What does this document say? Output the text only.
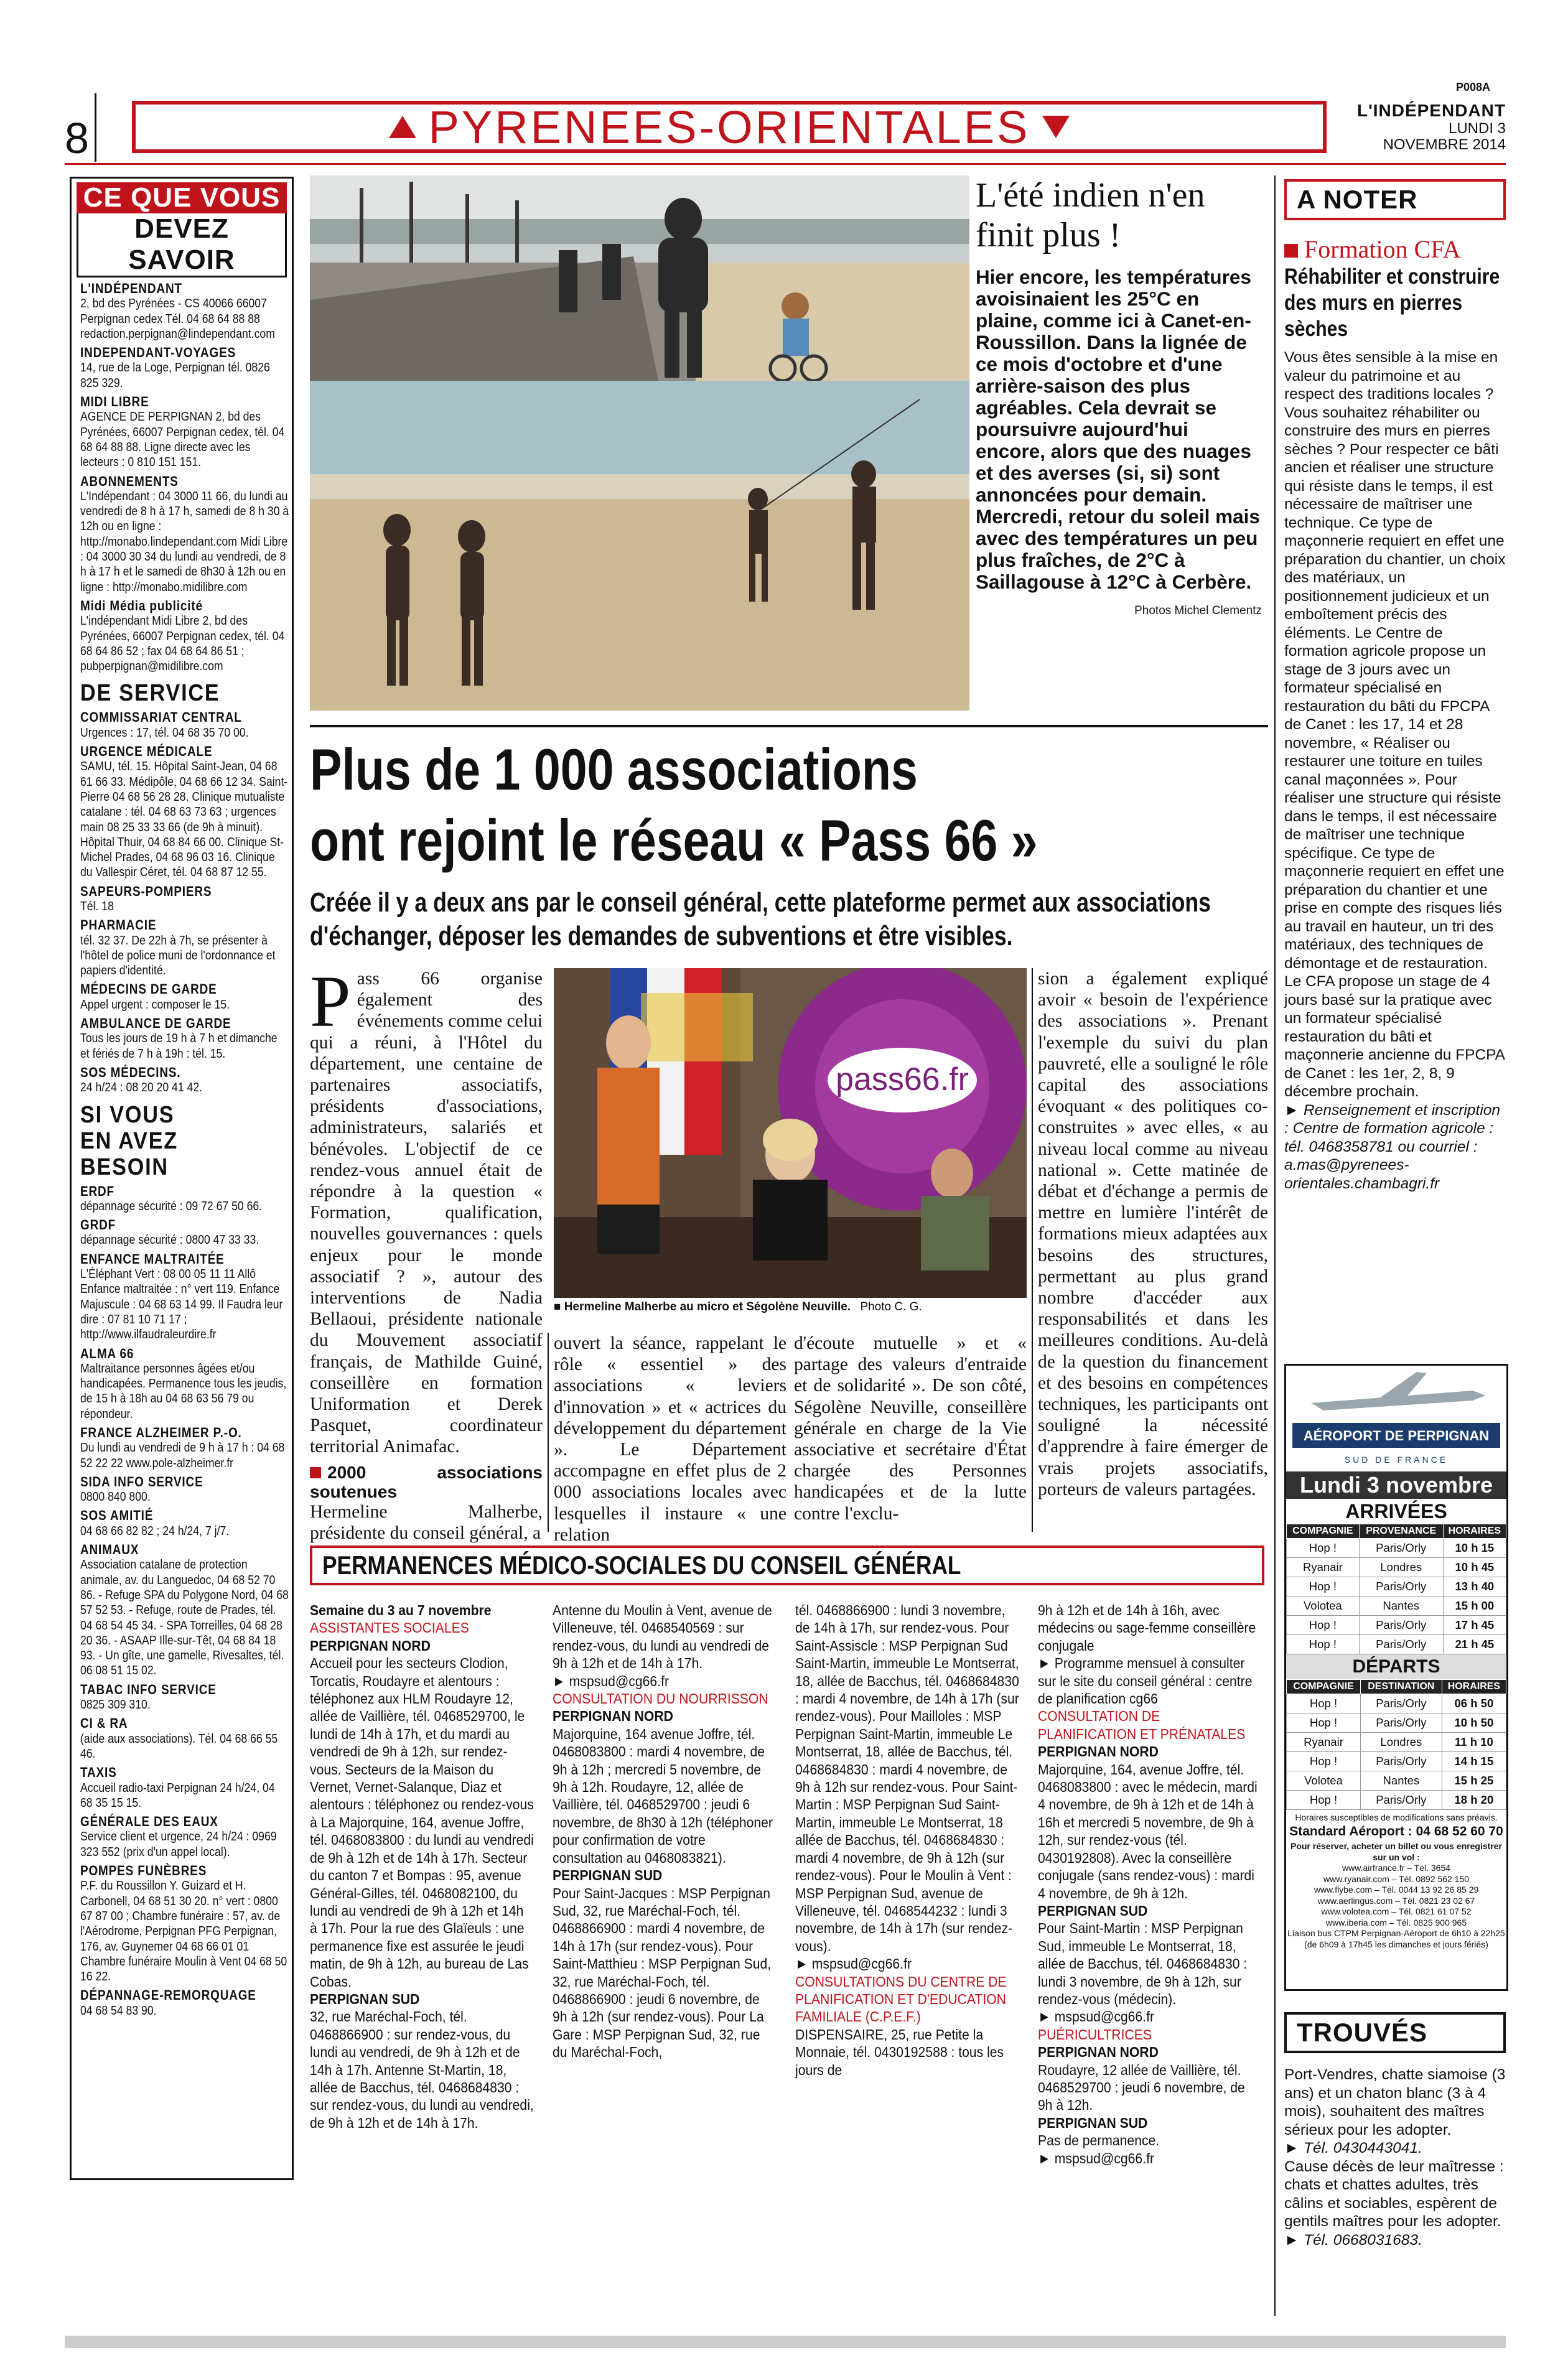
P008A
8	PYRENEES-ORIENTALES	L'INDÉPENDANT
LUNDI 3
NOVEMBRE 2014
CE QUE VOUS
DEVEZ SAVOIR
L'INDÉPENDANT
2, bd des Pyrénées - CS 40066 66007 Perpignan cedex Tél. 04 68 64 88 88 redaction.perpignan@lindependant.com
INDEPENDANT-VOYAGES
14, rue de la Loge, Perpignan tél. 0826 825 329.
MIDI LIBRE
AGENCE DE PERPIGNAN 2, bd des Pyrénées, 66007 Perpignan cedex, tél. 04 68 64 88 88. Ligne directe avec les lecteurs : 0 810 151 151.
ABONNEMENTS
L'Indépendant : 04 3000 11 66, du lundi au vendredi de 8 h à 17 h, samedi de 8 h 30 à 12h ou en ligne : http://monabo.lindependant.com Midi Libre : 04 3000 30 34 du lundi au vendredi, de 8 h à 17 h et le samedi de 8h30 à 12h ou en ligne : http://monabo.midilibre.com
Midi Média publicité
L'indépendant Midi Libre 2, bd des Pyrénées, 66007 Perpignan cedex, tél. 04 68 64 86 52 ; fax 04 68 64 86 51 ; pubperpignan@midilibre.com
DE SERVICE
COMMISSARIAT CENTRAL
Urgences : 17, tél. 04 68 35 70 00.
URGENCE MÉDICALE
SAMU, tél. 15. Hôpital Saint-Jean, 04 68 61 66 33. Médipôle, 04 68 66 12 34. Saint-Pierre 04 68 56 28 28. Clinique mutualiste catalane : tél. 04 68 63 73 63 ; urgences main 08 25 33 33 66 (de 9h à minuit). Hôpital Thuir, 04 68 84 66 00. Clinique St-Michel Prades, 04 68 96 03 16. Clinique du Vallespir Céret, tél. 04 68 87 12 55.
SAPEURS-POMPIERS
Tél. 18
PHARMACIE
tél. 32 37. De 22h à 7h, se présenter à l'hôtel de police muni de l'ordonnance et papiers d'identité.
MÉDECINS DE GARDE
Appel urgent : composer le 15.
AMBULANCE DE GARDE
Tous les jours de 19 h à 7 h et dimanche et fériés de 7 h à 19h : tél. 15.
SOS MÉDECINS.
24 h/24 : 08 20 20 41 42.
SI VOUS
EN AVEZ BESOIN
ERDF
dépannage sécurité : 09 72 67 50 66.
GRDF
dépannage sécurité : 0800 47 33 33.
ENFANCE MALTRAITÉE
L'Éléphant Vert : 08 00 05 11 11 Allô Enfance maltraitée : n° vert 119. Enfance Majuscule : 04 68 63 14 99. Il Faudra leur dire : 07 81 10 71 17 ; http://www.ilfaudraleurdire.fr
ALMA 66
Maltraitance personnes âgées et/ou handicapées. Permanence tous les jeudis, de 15 h à 18h au 04 68 63 56 79 ou répondeur.
FRANCE ALZHEIMER P.-O.
Du lundi au vendredi de 9 h à 17 h : 04 68 52 22 22 www.pole-alzheimer.fr
SIDA INFO SERVICE
0800 840 800.
SOS AMITIÉ
04 68 66 82 82 ; 24 h/24, 7 j/7.
ANIMAUX
Association catalane de protection animale, av. du Languedoc, 04 68 52 70 86. - Refuge SPA du Polygone Nord, 04 68 57 52 53. - Refuge, route de Prades, tél. 04 68 54 45 34. - SPA Torreilles, 04 68 28 20 36. - ASAAP Ille-sur-Têt, 04 68 84 18 93. - Un gîte, une gamelle, Rivesaltes, tél. 06 08 51 15 02.
TABAC INFO SERVICE
0825 309 310.
CI & RA
(aide aux associations). Tél. 04 68 66 55 46.
TAXIS
Accueil radio-taxi Perpignan 24 h/24, 04 68 35 15 15.
GÉNÉRALE DES EAUX
Service client et urgence, 24 h/24 : 0969 323 552 (prix d'un appel local).
POMPES FUNÈBRES
P.F. du Roussillon Y. Guizard et H. Carbonell, 04 68 51 30 20. n° vert : 0800 67 87 00 ; Chambre funéraire : 57, av. de l'Aérodrome, Perpignan PFG Perpignan, 176, av. Guynemer 04 68 66 01 01 Chambre funéraire Moulin à Vent 04 68 50 16 22.
DÉPANNAGE-REMORQUAGE
04 68 54 83 90.
L'été indien n'en finit plus !
Hier encore, les températures avoisinaient les 25°C en plaine, comme ici à Canet-en-Roussillon. Dans la lignée de ce mois d'octobre et d'une arrière-saison des plus agréables. Cela devrait se poursuivre aujourd'hui encore, alors que des nuages et des averses (si, si) sont annoncées pour demain. Mercredi, retour du soleil mais avec des températures un peu plus fraîches, de 2°C à Saillagouse à 12°C à Cerbère.
Photos Michel Clementz
Plus de 1 000 associations
ont rejoint le réseau « Pass 66 »
Créée il y a deux ans par le conseil général, cette plateforme permet aux associations d'échanger, déposer les demandes de subventions et être visibles.
Pass 66 organise également des événements comme celui qui a réuni, à l'Hôtel du département, une centaine de partenaires associatifs, présidents d'associations, administrateurs, salariés et bénévoles. L'objectif de ce rendez-vous annuel était de répondre à la question « Formation, qualification, nouvelles gouvernances : quels enjeux pour le monde associatif ? », autour des interventions de Nadia Bellaoui, présidente nationale du Mouvement associatif français, de Mathilde Guiné, conseillère en formation Uniformation et Derek Pasquet, coordinateur territorial Animafac.
2000 associations soutenues
Hermeline Malherbe, présidente du conseil général, a
pass66.fr
■ Hermeline Malherbe au micro et Ségolène Neuville. Photo C. G.
ouvert la séance, rappelant le rôle « essentiel » des associations « leviers d'innovation » et « actrices du développement du département ». Le Département accompagne en effet plus de 2 000 associations locales avec lesquelles il instaure « une relation
d'écoute mutuelle » et « partage des valeurs d'entraide et de solidarité ». De son côté, Ségolène Neuville, conseillère générale en charge de la Vie associative et secrétaire d'État chargée des Personnes handicapées et de la lutte contre l'exclu-
sion a également expliqué avoir « besoin de l'expérience des associations ». Prenant l'exemple du suivi du plan pauvreté, elle a souligné le rôle capital des associations évoquant « des politiques co-construites » avec elles, « au niveau local comme au niveau national ». Cette matinée de débat et d'échange a permis de mettre en lumière l'intérêt de formations mieux adaptées aux besoins des structures, permettant au plus grand nombre d'accéder aux responsabilités et dans les meilleures conditions. Au-delà de la question du financement et des besoins en compétences techniques, les participants ont souligné la nécessité d'apprendre à faire émerger de vrais projets associatifs, porteurs de valeurs partagées.
PERMANENCES MÉDICO-SOCIALES DU CONSEIL GÉNÉRAL
Semaine du 3 au 7 novembre
ASSISTANTES SOCIALES
PERPIGNAN NORD
Accueil pour les secteurs Clodion, Torcatis, Roudayre et alentours : téléphonez aux HLM Roudayre 12, allée de Vaillière, tél. 0468529700, le lundi de 14h à 17h, et du mardi au vendredi de 9h à 12h, sur rendez-vous. Secteurs de la Maison du Vernet, Vernet-Salanque, Diaz et alentours : téléphonez ou rendez-vous à La Majorquine, 164, avenue Joffre, tél. 0468083800 : du lundi au vendredi de 9h à 12h et de 14h à 17h. Secteur du canton 7 et Bompas : 95, avenue Général-Gilles, tél. 0468082100, du lundi au vendredi de 9h à 12h et 14h à 17h. Pour la rue des Glaïeuls : une permanence fixe est assurée le jeudi matin, de 9h à 12h, au bureau de Las Cobas.
PERPIGNAN SUD
32, rue Maréchal-Foch, tél. 0468866900 : sur rendez-vous, du lundi au vendredi, de 9h à 12h et de 14h à 17h. Antenne St-Martin, 18, allée de Bacchus, tél. 0468684830 : sur rendez-vous, du lundi au vendredi, de 9h à 12h et de 14h à 17h.
Antenne du Moulin à Vent, avenue de Villeneuve, tél. 0468540569 : sur rendez-vous, du lundi au vendredi de 9h à 12h et de 14h à 17h.
► mspsud@cg66.fr
CONSULTATION DU NOURRISSON
PERPIGNAN NORD
Majorquine, 164 avenue Joffre, tél. 0468083800 : mardi 4 novembre, de 9h à 12h ; mercredi 5 novembre, de 9h à 12h. Roudayre, 12, allée de Vaillière, tél. 0468529700 : jeudi 6 novembre, de 8h30 à 12h (téléphoner pour confirmation de votre consultation au 0468083821).
PERPIGNAN SUD
Pour Saint-Jacques : MSP Perpignan Sud, 32, rue Maréchal-Foch, tél. 0468866900 : mardi 4 novembre, de 14h à 17h (sur rendez-vous). Pour Saint-Matthieu : MSP Perpignan Sud, 32, rue Maréchal-Foch, tél. 0468866900 : jeudi 6 novembre, de 9h à 12h (sur rendez-vous). Pour La Gare : MSP Perpignan Sud, 32, rue du Maréchal-Foch,
tél. 0468866900 : lundi 3 novembre, de 14h à 17h, sur rendez-vous. Pour Saint-Assiscle : MSP Perpignan Sud Saint-Martin, immeuble Le Montserrat, 18, allée de Bacchus, tél. 0468684830 : mardi 4 novembre, de 14h à 17h (sur rendez-vous). Pour Mailloles : MSP Perpignan Saint-Martin, immeuble Le Montserrat, 18, allée de Bacchus, tél. 0468684830 : mardi 4 novembre, de 9h à 12h sur rendez-vous. Pour Saint-Martin : MSP Perpignan Sud Saint-Martin, immeuble Le Montserrat, 18 allée de Bacchus, tél. 0468684830 : mardi 4 novembre, de 9h à 12h (sur rendez-vous). Pour le Moulin à Vent : MSP Perpignan Sud, avenue de Villeneuve, tél. 0468544232 : lundi 3 novembre, de 14h à 17h (sur rendez-vous).
► mspsud@cg66.fr
CONSULTATIONS DU CENTRE DE PLANIFICATION ET D'EDUCATION FAMILIALE (C.P.E.F.)
DISPENSAIRE, 25, rue Petite la Monnaie, tél. 0430192588 : tous les jours de
9h à 12h et de 14h à 16h, avec médecins ou sage-femme conseillère conjugale
► Programme mensuel à consulter sur le site du conseil général : centre de planification cg66
CONSULTATION DE PLANIFICATION ET PRÉNATALES
PERPIGNAN NORD
Majorquine, 164, avenue Joffre, tél. 0468083800 : avec le médecin, mardi 4 novembre, de 9h à 12h et de 14h à 16h et mercredi 5 novembre, de 9h à 12h, sur rendez-vous (tél. 0430192808). Avec la conseillère conjugale (sans rendez-vous) : mardi 4 novembre, de 9h à 12h.
PERPIGNAN SUD
Pour Saint-Martin : MSP Perpignan Sud, immeuble Le Montserrat, 18, allée de Bacchus, tél. 0468684830 : lundi 3 novembre, de 9h à 12h, sur rendez-vous (médecin).
► mspsud@cg66.fr
PUÉRICULTRICES
PERPIGNAN NORD
Roudayre, 12 allée de Vaillière, tél. 0468529700 : jeudi 6 novembre, de 9h à 12h.
PERPIGNAN SUD
Pas de permanence.
► mspsud@cg66.fr
A NOTER
Formation CFA
Réhabiliter et construire des murs en pierres sèches
Vous êtes sensible à la mise en valeur du patrimoine et au respect des traditions locales ? Vous souhaitez réhabiliter ou construire des murs en pierres sèches ? Pour respecter ce bâti ancien et réaliser une structure qui résiste dans le temps, il est nécessaire de maîtriser une technique. Ce type de maçonnerie requiert en effet une préparation du chantier, un choix des matériaux, un positionnement judicieux et un emboîtement précis des éléments. Le Centre de formation agricole propose un stage de 3 jours avec un formateur spécialisé en restauration du bâti du FPCPA de Canet : les 17, 14 et 28 novembre, « Réaliser ou restaurer une toiture en tuiles canal maçonnées ». Pour réaliser une structure qui résiste dans le temps, il est nécessaire de maîtriser une technique spécifique. Ce type de maçonnerie requiert en effet une préparation du chantier et une prise en compte des risques liés au travail en hauteur, un tri des matériaux, des techniques de démontage et de restauration. Le CFA propose un stage de 4 jours basé sur la pratique avec un formateur spécialisé restauration du bâti et maçonnerie ancienne du FPCPA de Canet : les 1er, 2, 8, 9 décembre prochain.
► Renseignement et inscription : Centre de formation agricole : tél. 0468358781 ou courriel : a.mas@pyrenees-orientales.chambagri.fr
AÉROPORT DE PERPIGNAN
SUD DE FRANCE
Lundi 3 novembre
ARRIVÉES
COMPAGNIE	PROVENANCE	HORAIRES
Hop !	Paris/Orly	10 h 15
Ryanair	Londres	10 h 45
Hop !	Paris/Orly	13 h 40
Volotea	Nantes	15 h 00
Hop !	Paris/Orly	17 h 45
Hop !	Paris/Orly	21 h 45
DÉPARTS
COMPAGNIE	DESTINATION	HORAIRES
Hop !	Paris/Orly	06 h 50
Hop !	Paris/Orly	10 h 50
Ryanair	Londres	11 h 10
Hop !	Paris/Orly	14 h 15
Volotea	Nantes	15 h 25
Hop !	Paris/Orly	18 h 20
Horaires susceptibles de modifications sans préavis.
Standard Aéroport : 04 68 52 60 70
Pour réserver, acheter un billet ou vous enregistrer sur un vol :
www.airfrance.fr – Tél. 3654
www.ryanair.com – Tél. 0892 562 150
www.flybe.com – Tél. 0044 13 92 26 85 29
www.aerlingus.com – Tél. 0821 23 02 67
www.volotea.com – Tél. 0821 61 07 52
www.iberia.com – Tél. 0825 900 965
Liaison bus CTPM Perpignan-Aéroport de 6h10 à 22h25
(de 6h09 à 17h45 les dimanches et jours fériés)
TROUVÉS
Port-Vendres, chatte siamoise (3 ans) et un chaton blanc (3 à 4 mois), souhaitent des maîtres sérieux pour les adopter.
► Tél. 0430443041.
Cause décès de leur maîtresse : chats et chattes adultes, très câlins et sociables, espèrent de gentils maîtres pour les adopter.
► Tél. 0668031683.
